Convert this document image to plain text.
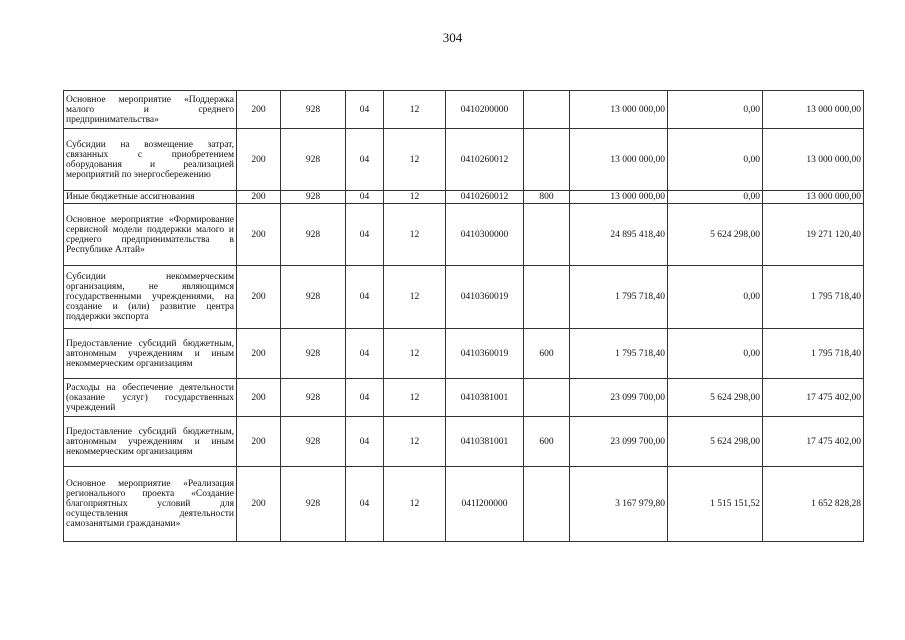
304
Основное мероприятие «Поддержка малого и среднего предпринимательства»	200	928	04	12	0410200000		13 000 000,00	0,00	13 000 000,00
Субсидии на возмещение затрат, связанных с приобретением оборудования и реализацией мероприятий по энергосбережению	200	928	04	12	0410260012		13 000 000,00	0,00	13 000 000,00
Иные бюджетные ассигнования	200	928	04	12	0410260012	800	13 000 000,00	0,00	13 000 000,00
Основное мероприятие «Формирование сервисной модели поддержки малого и среднего предпринимательства в Республике Алтай»	200	928	04	12	0410300000		24 895 418,40	5 624 298,00	19 271 120,40
Субсидии некоммерческим организациям, не являющимся государственными учреждениями, на создание и (или) развитие центра поддержки экспорта	200	928	04	12	0410360019		1 795 718,40	0,00	1 795 718,40
Предоставление субсидий бюджетным, автономным учреждениям и иным некоммерческим организациям	200	928	04	12	0410360019	600	1 795 718,40	0,00	1 795 718,40
Расходы на обеспечение деятельности (оказание услуг) государственных учреждений	200	928	04	12	0410381001		23 099 700,00	5 624 298,00	17 475 402,00
Предоставление субсидий бюджетным, автономным учреждениям и иным некоммерческим организациям	200	928	04	12	0410381001	600	23 099 700,00	5 624 298,00	17 475 402,00
Основное мероприятие «Реализация регионального проекта «Создание благоприятных условий для осуществления деятельности самозанятыми гражданами»	200	928	04	12	041I200000		3 167 979,80	1 515 151,52	1 652 828,28
